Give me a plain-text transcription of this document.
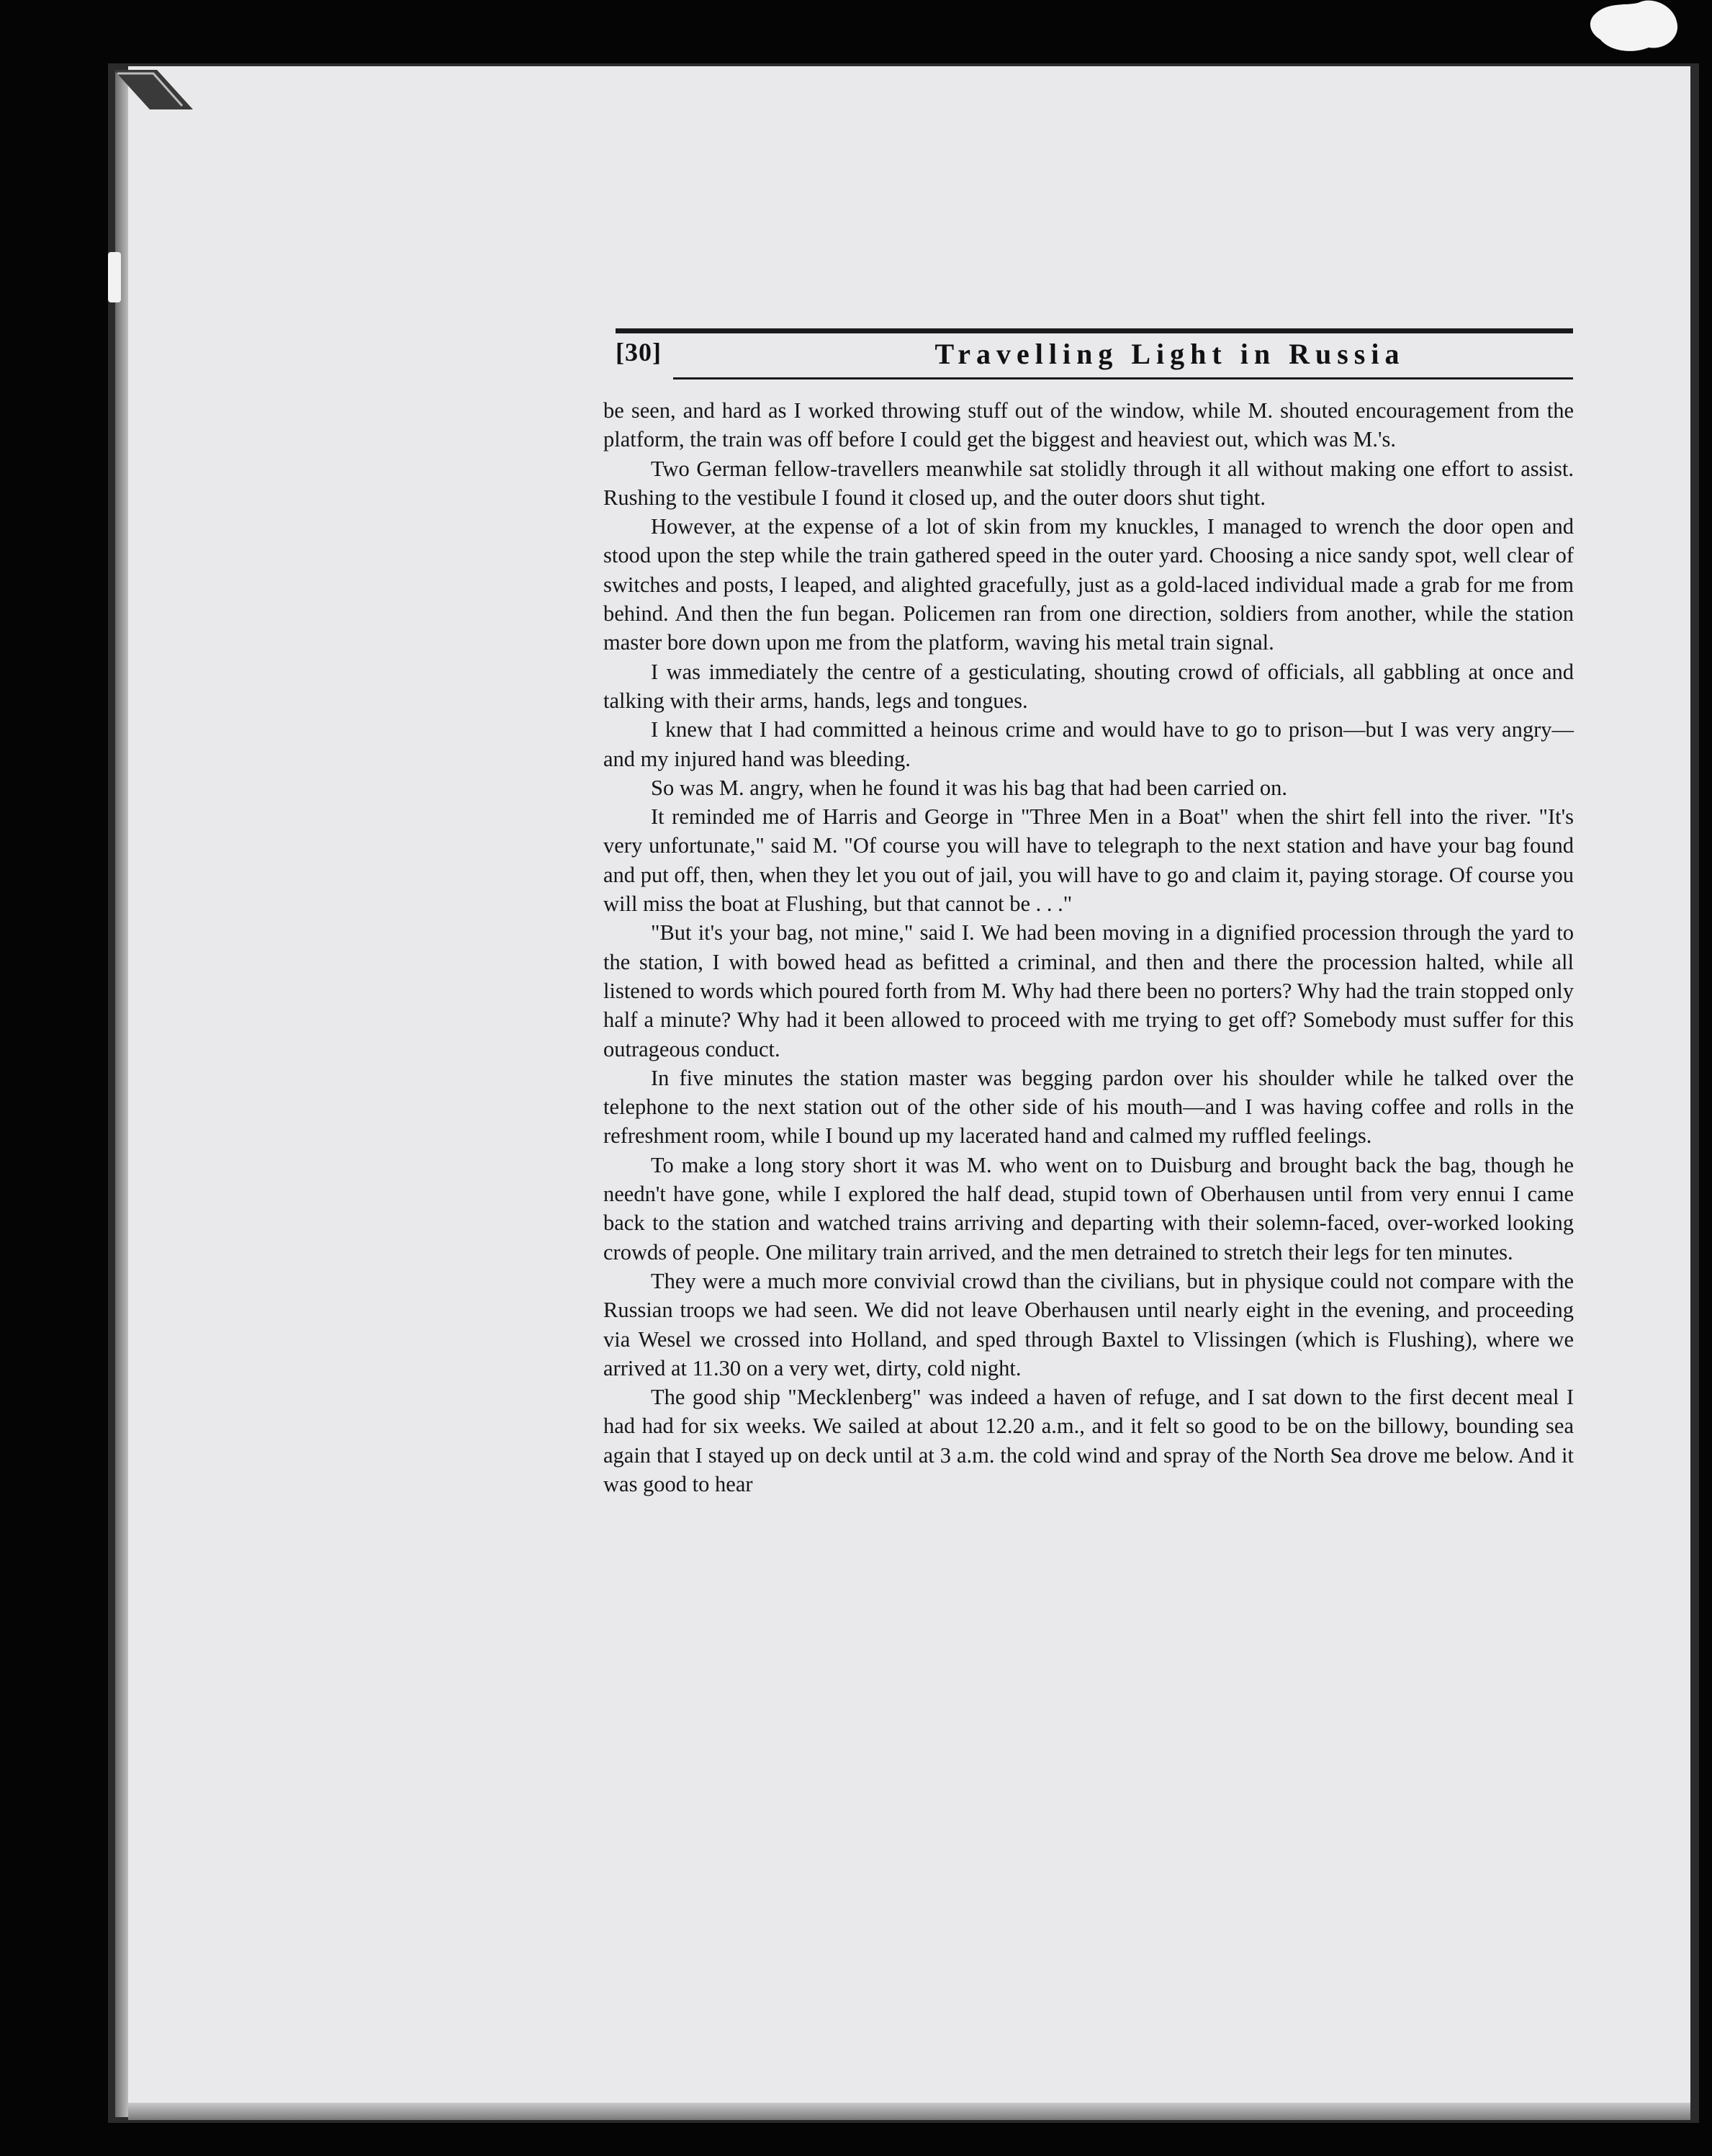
[30]	Travelling Light in Russia

be seen, and hard as I worked throwing stuff out of the window, while M. shouted encouragement from the platform, the train was off before I could get the biggest and heaviest out, which was M.'s.

Two German fellow-travellers meanwhile sat stolidly through it all without making one effort to assist. Rushing to the vestibule I found it closed up, and the outer doors shut tight.

However, at the expense of a lot of skin from my knuckles, I managed to wrench the door open and stood upon the step while the train gathered speed in the outer yard. Choosing a nice sandy spot, well clear of switches and posts, I leaped, and alighted gracefully, just as a gold-laced individual made a grab for me from behind. And then the fun began. Policemen ran from one direction, soldiers from another, while the station master bore down upon me from the platform, waving his metal train signal.

I was immediately the centre of a gesticulating, shouting crowd of officials, all gabbling at once and talking with their arms, hands, legs and tongues.

I knew that I had committed a heinous crime and would have to go to prison—but I was very angry—and my injured hand was bleeding.

So was M. angry, when he found it was his bag that had been carried on.

It reminded me of Harris and George in "Three Men in a Boat" when the shirt fell into the river. "It's very unfortunate," said M. "Of course you will have to telegraph to the next station and have your bag found and put off, then, when they let you out of jail, you will have to go and claim it, paying storage. Of course you will miss the boat at Flushing, but that cannot be . . ."

"But it's your bag, not mine," said I. We had been moving in a dignified procession through the yard to the station, I with bowed head as befitted a criminal, and then and there the procession halted, while all listened to words which poured forth from M. Why had there been no porters? Why had the train stopped only half a minute? Why had it been allowed to proceed with me trying to get off? Somebody must suffer for this outrageous conduct.

In five minutes the station master was begging pardon over his shoulder while he talked over the telephone to the next station out of the other side of his mouth—and I was having coffee and rolls in the refreshment room, while I bound up my lacerated hand and calmed my ruffled feelings.

To make a long story short it was M. who went on to Duisburg and brought back the bag, though he needn't have gone, while I explored the half dead, stupid town of Oberhausen until from very ennui I came back to the station and watched trains arriving and departing with their solemn-faced, over-worked looking crowds of people. One military train arrived, and the men detrained to stretch their legs for ten minutes.

They were a much more convivial crowd than the civilians, but in physique could not compare with the Russian troops we had seen. We did not leave Oberhausen until nearly eight in the evening, and proceeding via Wesel we crossed into Holland, and sped through Baxtel to Vlissingen (which is Flushing), where we arrived at 11.30 on a very wet, dirty, cold night.

The good ship "Mecklenberg" was indeed a haven of refuge, and I sat down to the first decent meal I had had for six weeks. We sailed at about 12.20 a.m., and it felt so good to be on the billowy, bounding sea again that I stayed up on deck until at 3 a.m. the cold wind and spray of the North Sea drove me below. And it was good to hear
